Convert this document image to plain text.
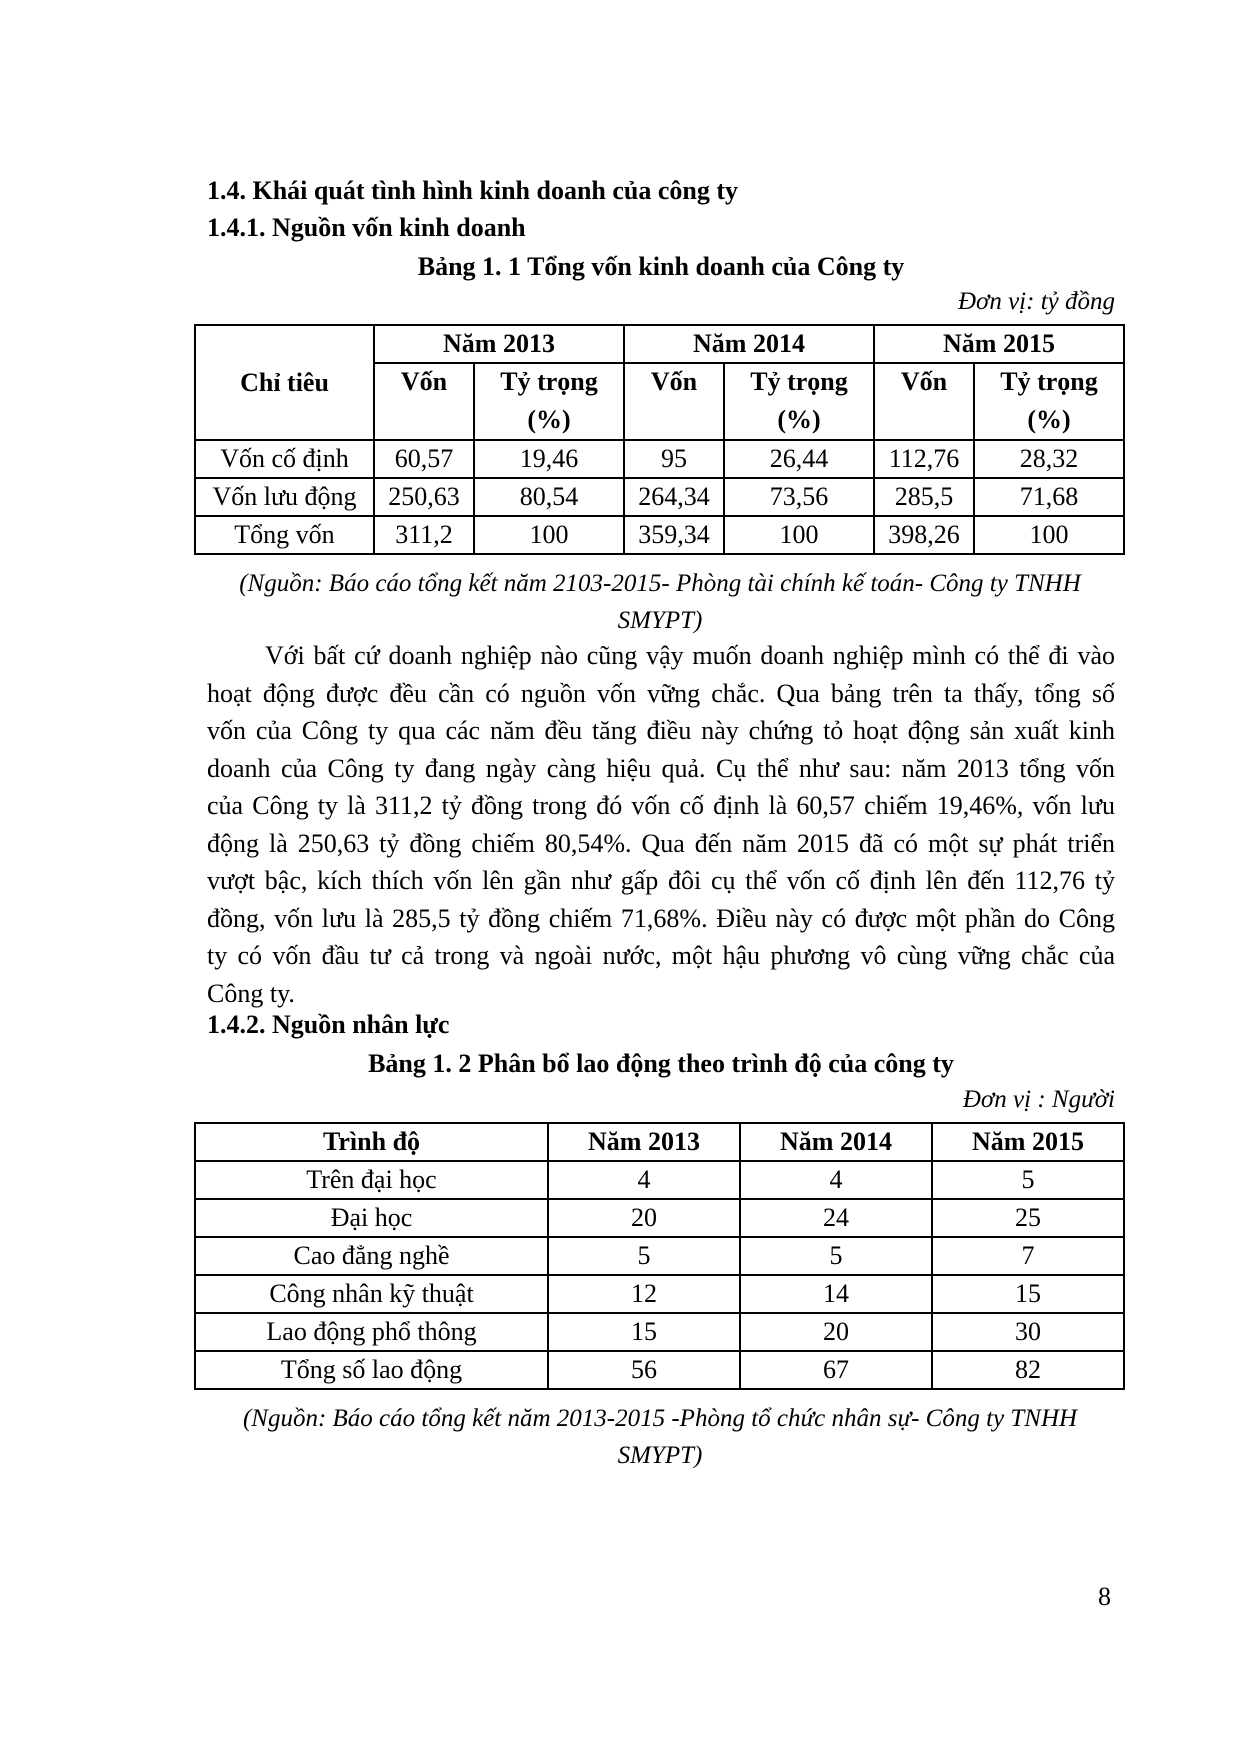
1.4. Khái quát tình hình kinh doanh của công ty
1.4.1. Nguồn vốn kinh doanh
Bảng 1. 1 Tổng vốn kinh doanh của Công ty
Đơn vị: tỷ đồng
Chỉ tiêu	Năm 2013		Năm 2014		Năm 2015	
	Vốn	Tỷ trọng	Vốn	Tỷ trọng	Vốn	Tỷ trọng
		(%)		(%)		(%)
Vốn cố định	60,57	19,46	95	26,44	112,76	28,32
Vốn lưu động	250,63	80,54	264,34	73,56	285,5	71,68
Tổng vốn	311,2	100	359,34	100	398,26	100
(Nguồn: Báo cáo tổng kết năm 2103-2015- Phòng tài chính kế toán- Công ty TNHH
SMYPT)
Với bất cứ doanh nghiệp nào cũng vậy muốn doanh nghiệp mình có thể đi vào
hoạt động được đều cần có nguồn vốn vững chắc. Qua bảng trên ta thấy, tổng số
vốn của Công ty qua các năm đều tăng điều này chứng tỏ hoạt động sản xuất kinh
doanh của Công ty đang ngày càng hiệu quả. Cụ thể như sau: năm 2013 tổng vốn
của Công ty là 311,2 tỷ đồng trong đó vốn cố định là 60,57 chiếm 19,46%, vốn lưu
động là 250,63 tỷ đồng chiếm 80,54%. Qua đến năm 2015 đã có một sự phát triển
vượt bậc, kích thích vốn lên gần như gấp đôi cụ thể vốn cố định lên đến 112,76 tỷ
đồng, vốn lưu là 285,5 tỷ đồng chiếm 71,68%. Điều này có được một phần do Công
ty có vốn đầu tư cả trong và ngoài nước, một hậu phương vô cùng vững chắc của
Công ty.
1.4.2. Nguồn nhân lực
Bảng 1. 2 Phân bổ lao động theo trình độ của công ty
Đơn vị : Người
Trình độ	Năm 2013	Năm 2014	Năm 2015
Trên đại học	4	4	5
Đại học	20	24	25
Cao đẳng nghề	5	5	7
Công nhân kỹ thuật	12	14	15
Lao động phổ thông	15	20	30
Tổng số lao động	56	67	82
(Nguồn: Báo cáo tổng kết năm 2013-2015 -Phòng tổ chức nhân sự- Công ty TNHH
SMYPT)
8
